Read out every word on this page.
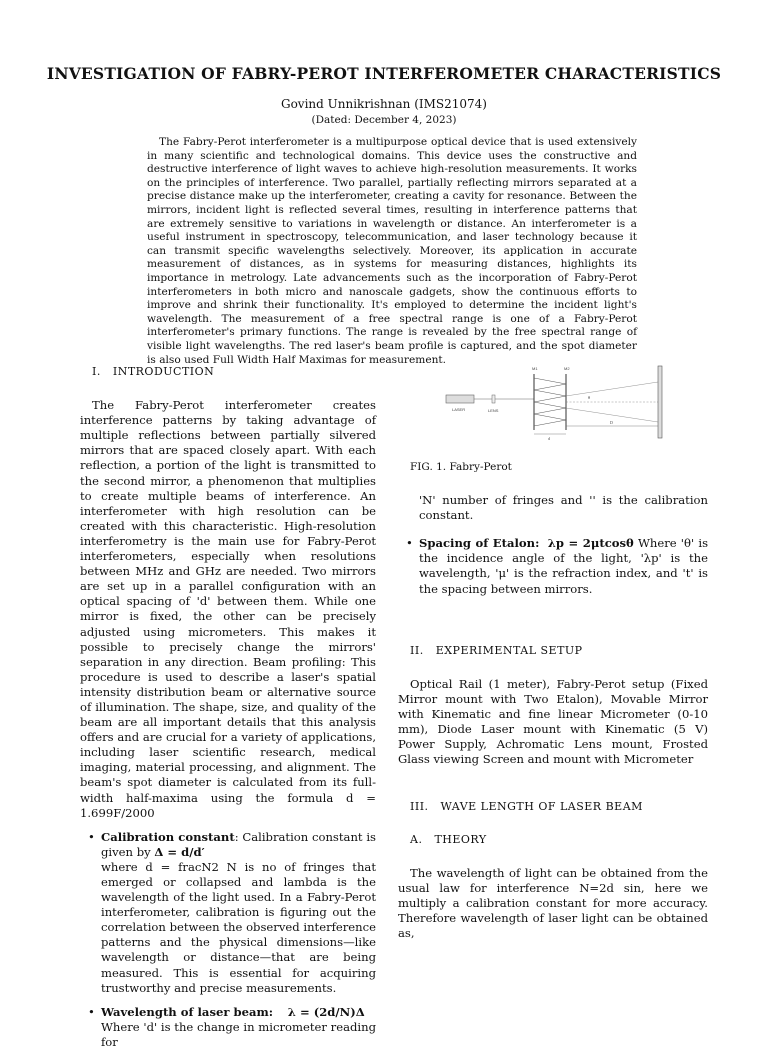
INVESTIGATION OF FABRY-PEROT INTERFEROMETER CHARACTERISTICS
Govind Unnikrishnan (IMS21074)
(Dated: December 4, 2023)

The Fabry-Perot interferometer is a multipurpose optical device that is used extensively in many scientific and technological domains. This device uses the constructive and destructive interference of light waves to achieve high-resolution measurements. It works on the principles of interference. Two parallel, partially reflecting mirrors separated at a precise distance make up the interferometer, creating a cavity for resonance. Between the mirrors, incident light is reflected several times, resulting in interference patterns that are extremely sensitive to variations in wavelength or distance. An interferometer is a useful instrument in spectroscopy, telecommunication, and laser technology because it can transmit specific wavelengths selectively. Moreover, its application in accurate measurement of distances, as in systems for measuring distances, highlights its importance in metrology. Late advancements such as the incorporation of Fabry-Perot interferometers in both micro and nanoscale gadgets, show the continuous efforts to improve and shrink their functionality. It's employed to determine the incident light's wavelength. The measurement of a free spectral range is one of a Fabry-Perot interferometer's primary functions. The range is revealed by the free spectral range of visible light wavelengths. The red laser's beam profile is captured, and the spot diameter is also used Full Width Half Maximas for measurement.

I. INTRODUCTION

The Fabry-Perot interferometer creates interference patterns by taking advantage of multiple reflections between partially silvered mirrors that are spaced closely apart. With each reflection, a portion of the light is transmitted to the second mirror, a phenomenon that multiplies to create multiple beams of interference. An interferometer with high resolution can be created with this characteristic. High-resolution interferometry is the main use for Fabry-Perot interferometers, especially when resolutions between MHz and GHz are needed. Two mirrors are set up in a parallel configuration with an optical spacing of 'd' between them. While one mirror is fixed, the other can be precisely adjusted using micrometers. This makes it possible to precisely change the mirrors' separation in any direction. Beam profiling: This procedure is used to describe a laser's spatial intensity distribution beam or alternative source of illumination. The shape, size, and quality of the beam are all important details that this analysis offers and are crucial for a variety of applications, including laser scientific research, medical imaging, material processing, and alignment. The beam's spot diameter is calculated from its full-width half-maxima using the formula d = 1.699F/2000

• Calibration constant: Calibration constant is given by Δ = d/d′
where d = fracN2 N is no of fringes that emerged or collapsed and lambda is the wavelength of the light used. In a Fabry-Perot interferometer, calibration is figuring out the correlation between the observed interference patterns and the physical dimensions—like wavelength or distance—that are being measured. This is essential for acquiring trustworthy and precise measurements.
• Wavelength of laser beam: λ = (2d/N)Δ
Where 'd' is the change in micrometer reading for
LASER	LENS
M1	M2
θ
d
D

FIG. 1. Fabry-Perot

'N' number of fringes and '' is the calibration constant.

• Spacing of Etalon: λp = 2μtcosθ Where 'θ' is the incidence angle of the light, 'λp' is the wavelength, 'μ' is the refraction index, and 't' is the spacing between mirrors.

II. EXPERIMENTAL SETUP

Optical Rail (1 meter), Fabry-Perot setup (Fixed Mirror mount with Two Etalon), Movable Mirror with Kinematic and fine linear Micrometer (0-10 mm), Diode Laser mount with Kinematic (5 V) Power Supply, Achromatic Lens mount, Frosted Glass viewing Screen and mount with Micrometer

III. WAVE LENGTH OF LASER BEAM

A. THEORY

The wavelength of light can be obtained from the usual law for interference N=2d sin, here we multiply a calibration constant for more accuracy. Therefore wavelength of laser light can be obtained as,
